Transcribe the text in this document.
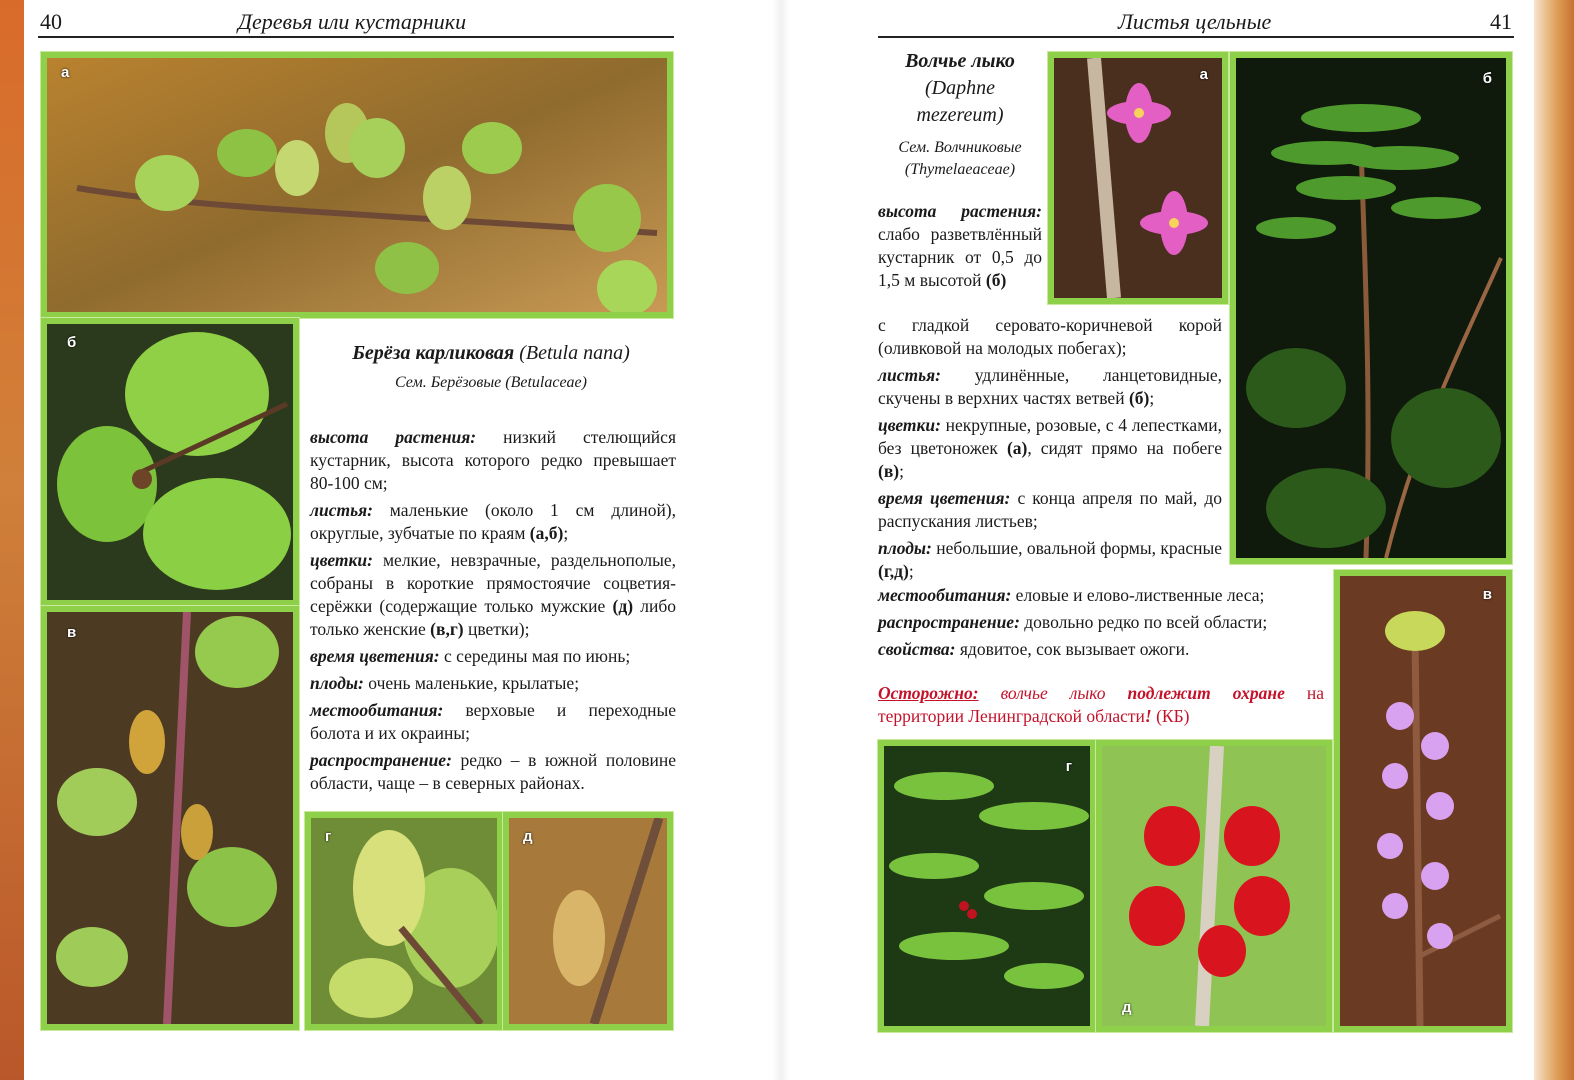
40	Деревья или кустарники
а
б
в
г	д
Берёза карликовая (Betula nana)
Сем. Берёзовые (Betulaceae)

высота растения: низкий стелющийся кустарник, высота которого редко превышает 80-100 см;

листья: маленькие (около 1 см длиной), округлые, зубчатые по краям (а,б);

цветки: мелкие, невзрачные, раздельнополые, собраны в короткие прямостоячие соцветия-серёжки (содержащие только мужские (д) либо только женские (в,г) цветки);

время цветения: с середины мая по июнь;

плоды: очень маленькие, крылатые;

местообитания: верховые и переходные болота и их окраины;

распространение: редко – в южной половине области, чаще – в северных районах.

Листья цельные	41
Волчье лыко
(Daphne
mezereum)
Сем. Волчниковые
(Thymelaeaceae)
а	б
в
г
д

высота растения: слабо разветвлённый кустарник от 0,5 до 1,5 м высотой (б)

с гладкой серовато-коричневой корой (оливковой на молодых побегах);

листья: удлинённые, ланцетовидные, скучены в верхних частях ветвей (б);

цветки: некрупные, розовые, с 4 лепестками, без цветоножек (а), сидят прямо на побеге (в);

время цветения: с конца апреля по май, до распускания листьев;

плоды: небольшие, овальной формы, красные (г,д);

местообитания: еловые и елово-лиственные леса;

распространение: довольно редко по всей области;

свойства: ядовитое, сок вызывает ожоги.

Осторожно: волчье лыко подлежит охране на территории Ленинградской области! (КБ)
